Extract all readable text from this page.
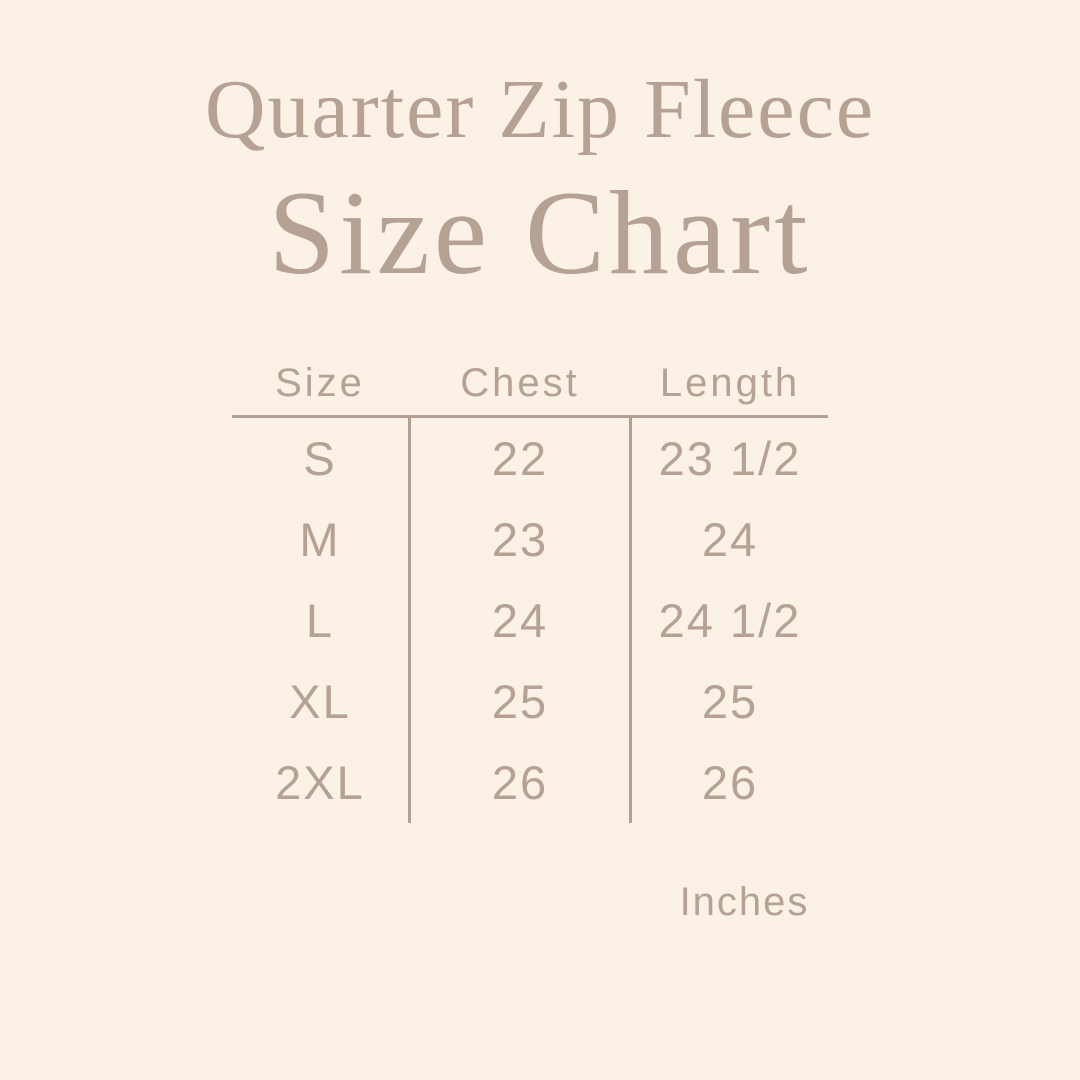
Quarter Zip Fleece
Size Chart
Size	Chest	Length
S	22	23 1/2
M	23	24
L	24	24 1/2
XL	25	25
2XL	26	26
Inches
